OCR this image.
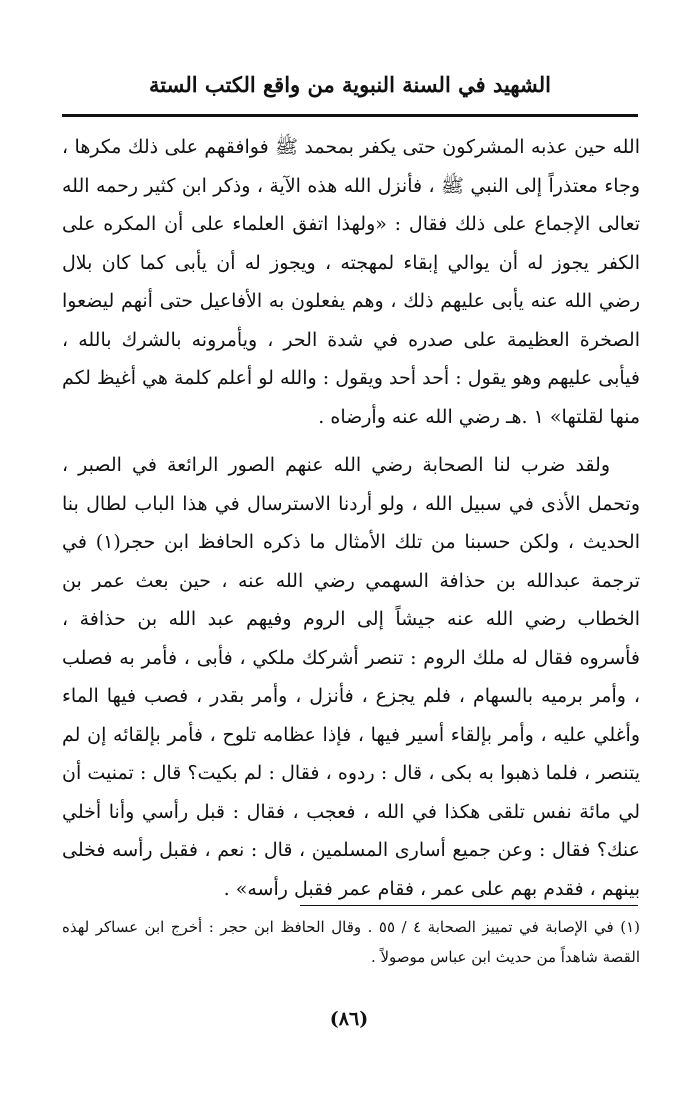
الشهيد في السنة النبوية من واقع الكتب الستة

الله حين عذبه المشركون حتى يكفر بمحمد ﷺ فوافقهم على ذلك مكرها ، وجاء معتذراً إلى النبي ﷺ ، فأنزل الله هذه الآية ، وذكر ابن كثير رحمه الله تعالى الإجماع على ذلك فقال : «ولهذا اتفق العلماء على أن المكره على الكفر يجوز له أن يوالي إبقاء لمهجته ، ويجوز له أن يأبى كما كان بلال رضي الله عنه يأبى عليهم ذلك ، وهم يفعلون به الأفاعيل حتى أنهم ليضعوا الصخرة العظيمة على صدره في شدة الحر ، ويأمرونه بالشرك بالله ، فيأبى عليهم وهو يقول : أحد أحد ويقول : والله لو أعلم كلمة هي أغيظ لكم منها لقلتها» ١ .هـ رضي الله عنه وأرضاه .

ولقد ضرب لنا الصحابة رضي الله عنهم الصور الرائعة في الصبر ، وتحمل الأذى في سبيل الله ، ولو أردنا الاسترسال في هذا الباب لطال بنا الحديث ، ولكن حسبنا من تلك الأمثال ما ذكره الحافظ ابن حجر(١) في ترجمة عبدالله بن حذافة السهمي رضي الله عنه ، حين بعث عمر بن الخطاب رضي الله عنه جيشاً إلى الروم وفيهم عبد الله بن حذافة ، فأسروه فقال له ملك الروم : تنصر أشركك ملكي ، فأبى ، فأمر به فصلب ، وأمر برميه بالسهام ، فلم يجزع ، فأنزل ، وأمر بقدر ، فصب فيها الماء وأغلي عليه ، وأمر بإلقاء أسير فيها ، فإذا عظامه تلوح ، فأمر بإلقائه إن لم يتنصر ، فلما ذهبوا به بكى ، قال : ردوه ، فقال : لم بكيت؟ قال : تمنيت أن لي مائة نفس تلقى هكذا في الله ، فعجب ، فقال : قبل رأسي وأنا أخلي عنك؟ فقال : وعن جميع أسارى المسلمين ، قال : نعم ، فقبل رأسه فخلى بينهم ، فقدم بهم على عمر ، فقام عمر فقبل رأسه» .

(١) في الإصابة في تمييز الصحابة ٤ / ٥٥ . وقال الحافظ ابن حجر : أخرج ابن عساكر لهذه القصة شاهداً من حديث ابن عباس موصولاً .

(٨٦)
